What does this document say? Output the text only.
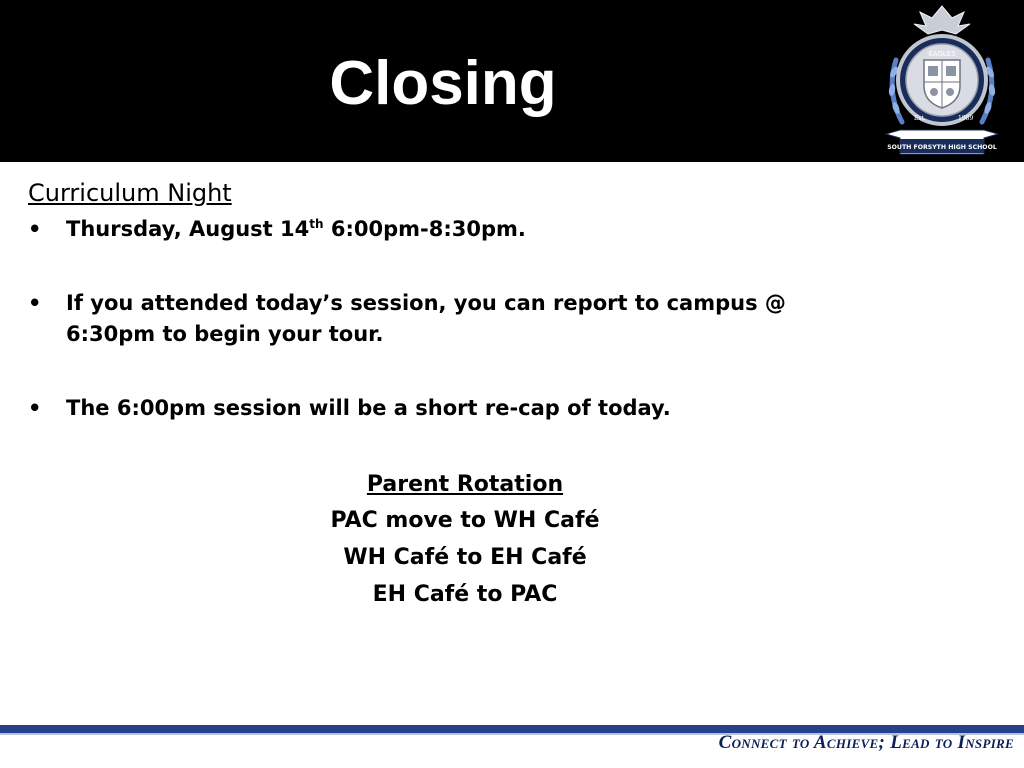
Closing	EAGLES
Est.	1989
SOUTH FORSYTH HIGH SCHOOL
Curriculum Night
• Thursday, August 14th 6:00pm-8:30pm.
• If you attended today’s session, you can report to campus @ 6:30pm to begin your tour.
• The 6:00pm session will be a short re-cap of today.
Parent Rotation
PAC move to WH Café
WH Café to EH Café
EH Café to PAC
Connect to Achieve; Lead to Inspire
